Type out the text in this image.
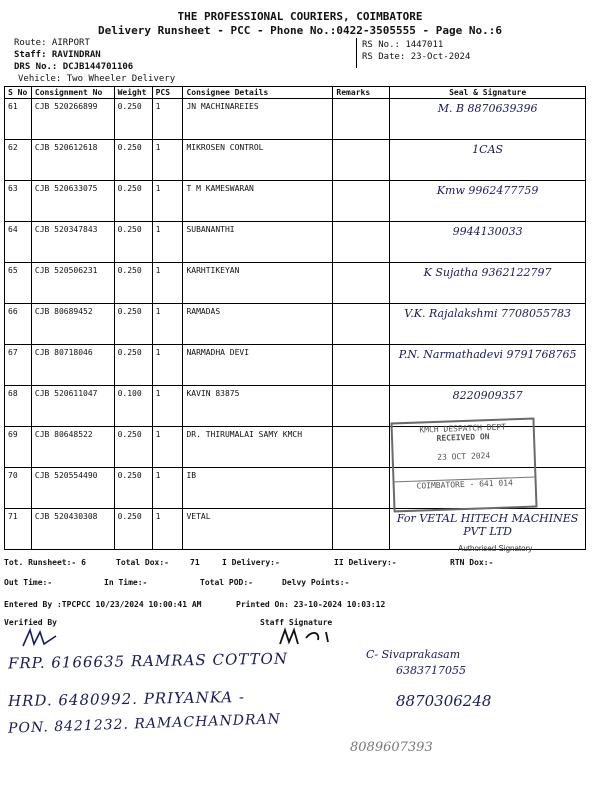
THE PROFESSIONAL COURIERS, COIMBATORE
Delivery Runsheet - PCC - Phone No.:0422-3505555 - Page No.:6
Route: AIRPORT
Staff: RAVINDRAN
DRS No.: DCJB144701106
Vehicle: Two Wheeler Delivery
RS No.: 1447011
RS Date: 23-Oct-2024
S No	Consignment No	Weight	PCS	Consignee Details	Remarks	Seal & Signature
61	CJB 520266899	0.250	1	JN MACHINAREIES		M. B 8870639396
62	CJB 520612618	0.250	1	MIKROSEN CONTROL		1CAS
63	CJB 520633075	0.250	1	T M KAMESWARAN		Kmw 9962477759
64	CJB 520347843	0.250	1	SUBANANTHI		9944130033
65	CJB 520506231	0.250	1	KARHTIKEYAN		K Sujatha 9362122797
66	CJB 80689452	0.250	1	RAMADAS		V.K. Rajalakshmi 7708055783
67	CJB 80718046	0.250	1	NARMADHA DEVI		P.N. Narmathadevi 9791768765
68	CJB 520611047	0.100	1	KAVIN 83875		8220909357
69	CJB 80648522	0.250	1	DR. THIRUMALAI SAMY KMCH		
70	CJB 520554490	0.250	1	IB		
71	CJB 520430308	0.250	1	VETAL		For VETAL HITECH MACHINES PVT LTD
KMCH DESPATCH DEPT
RECEIVED ON
23 OCT 2024
COIMBATORE - 641 014
Authorised Signatory
Tot. Runsheet:- 6	Total Dox:-	71	I Delivery:-	II Delivery:-	RTN Dox:-
Out Time:-	In Time:-	Total POD:-	Delvy Points:-
Entered By :TPCPCC 10/23/2024 10:00:41 AM	Printed On: 23-10-2024 10:03:12
Verified By	Staff Signature
FRP. 6166635 RAMRAS COTTON
HRD. 6480992. PRIYANKA -
PON. 8421232. RAMACHANDRAN
C- Sivaprakasam
6383717055
8870306248
8089607393
